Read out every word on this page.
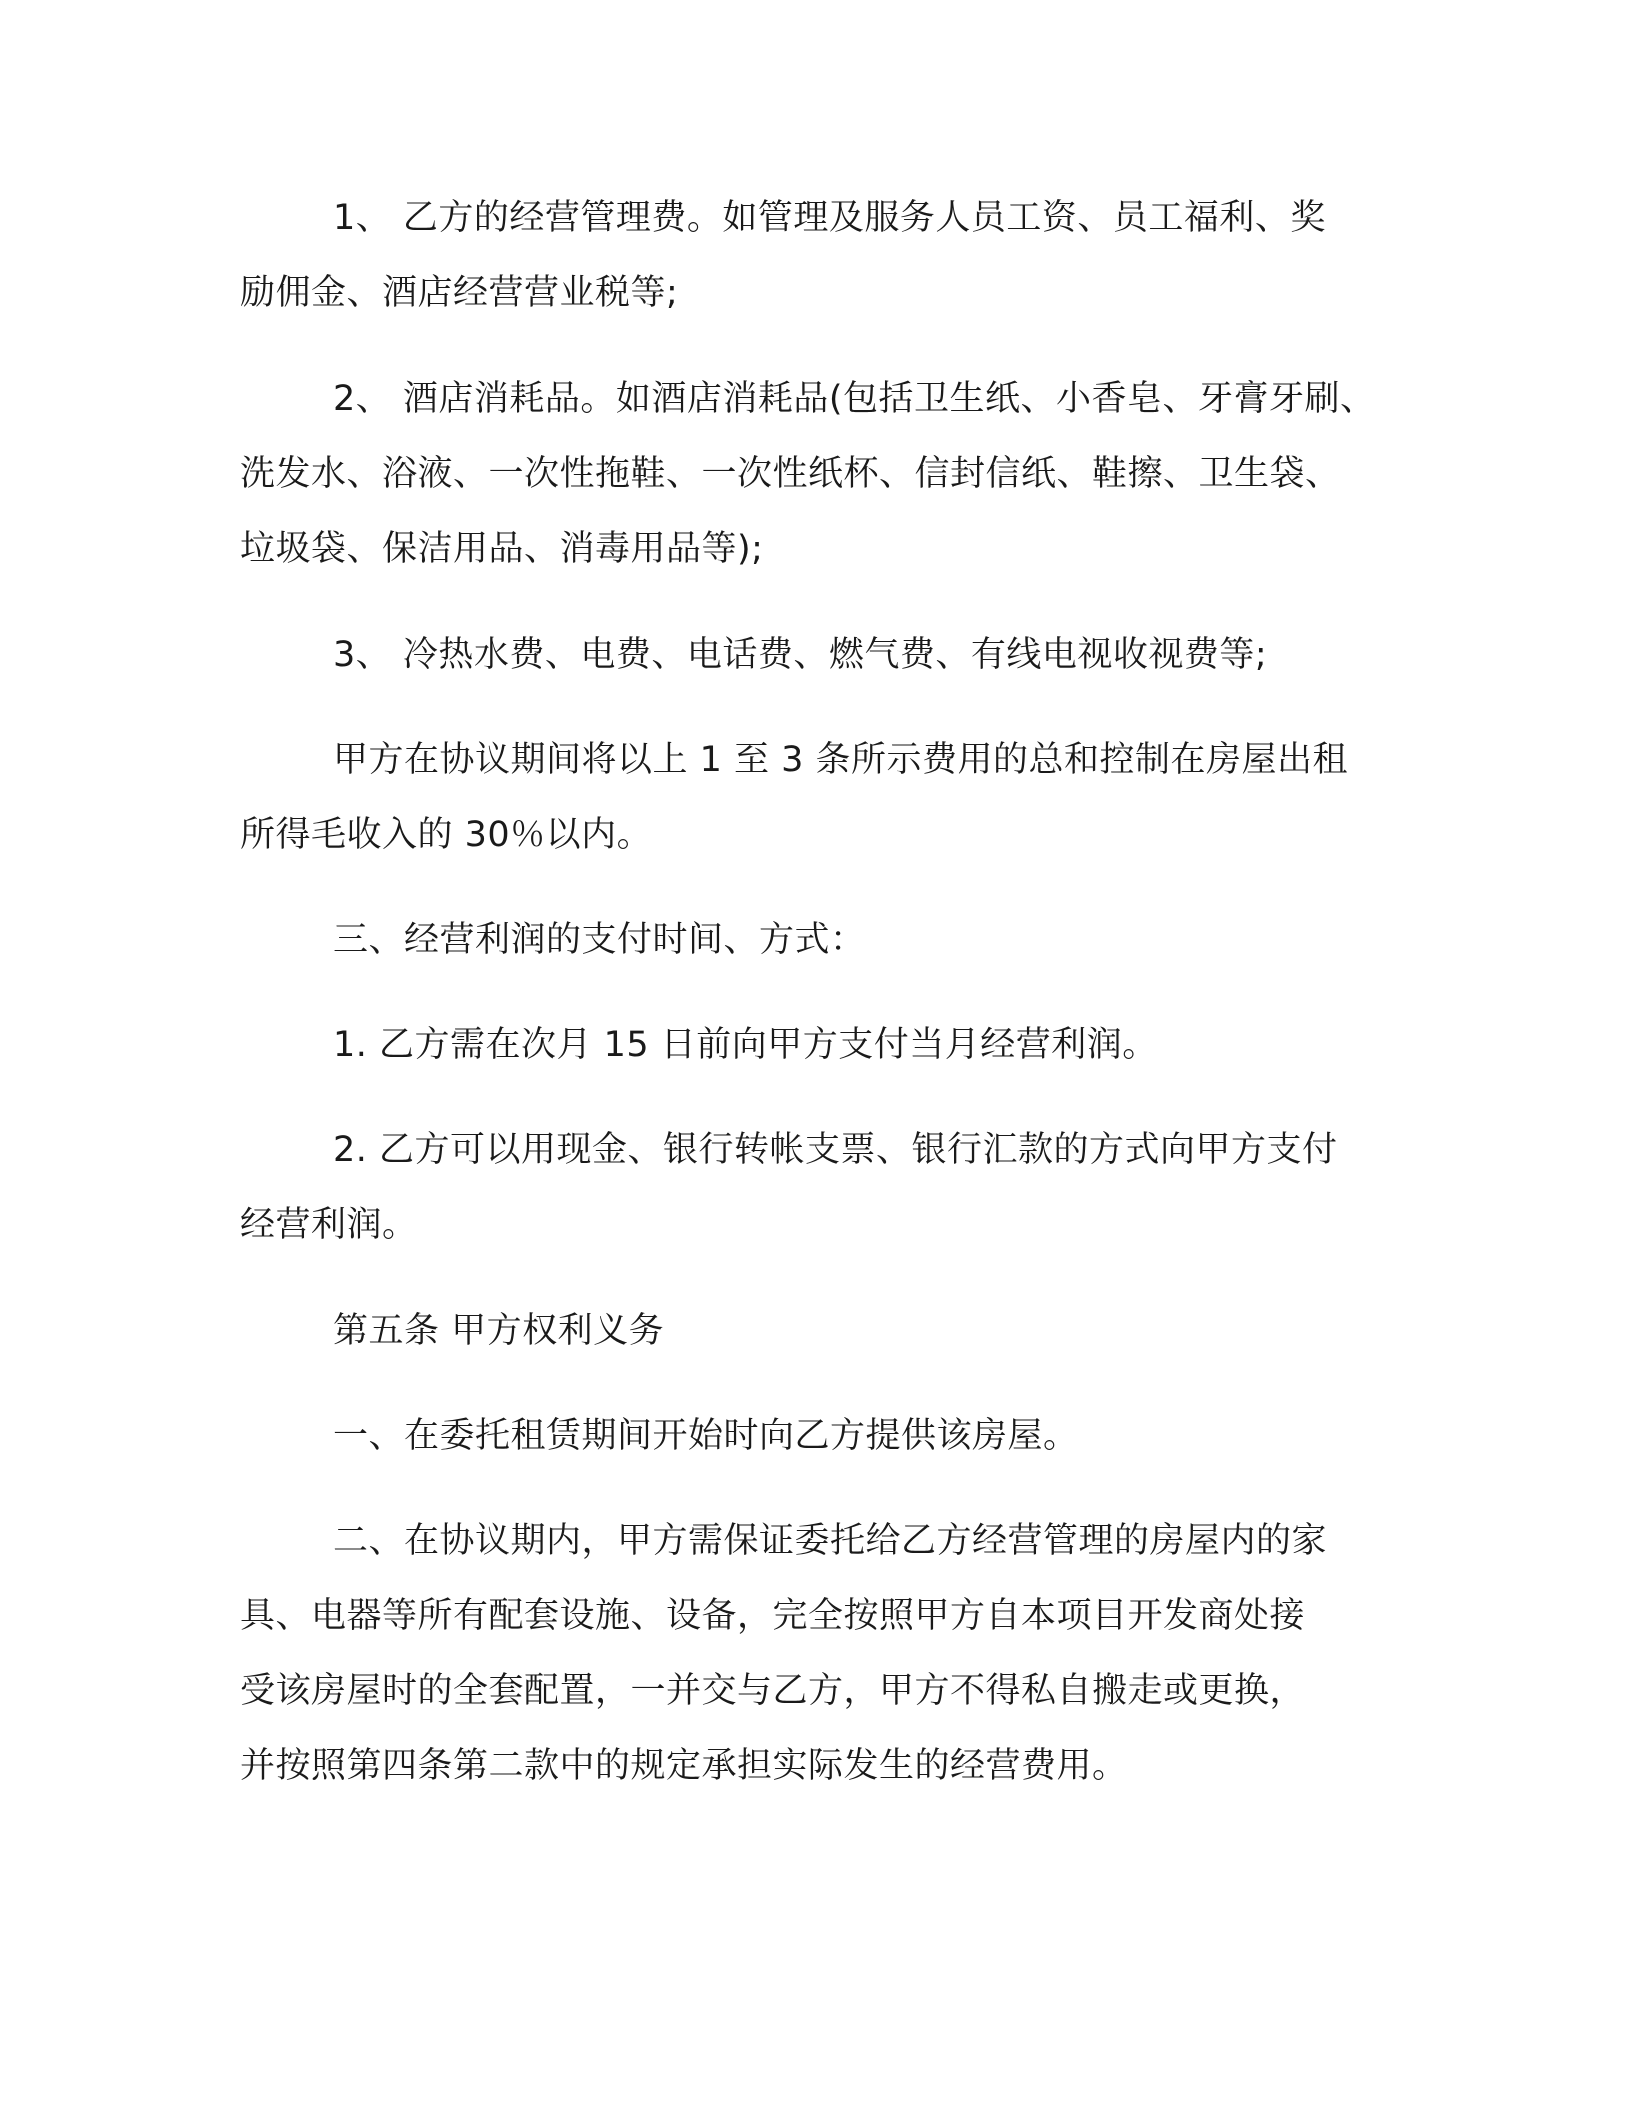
1、 乙方的经营管理费。如管理及服务人员工资、员工福利、奖

励佣金、酒店经营营业税等;

2、 酒店消耗品。如酒店消耗品(包括卫生纸、小香皂、牙膏牙刷、

洗发水、浴液、一次性拖鞋、一次性纸杯、信封信纸、鞋擦、卫生袋、

垃圾袋、保洁用品、消毒用品等);

3、 冷热水费、电费、电话费、燃气费、有线电视收视费等;

甲方在协议期间将以上 1 至 3 条所示费用的总和控制在房屋出租

所得毛收入的 30％以内。

三、经营利润的支付时间、方式：

1. 乙方需在次月 15 日前向甲方支付当月经营利润。

2. 乙方可以用现金、银行转帐支票、银行汇款的方式向甲方支付

经营利润。

第五条 甲方权利义务

一、在委托租赁期间开始时向乙方提供该房屋。

二、在协议期内，甲方需保证委托给乙方经营管理的房屋内的家

具、电器等所有配套设施、设备，完全按照甲方自本项目开发商处接

受该房屋时的全套配置，一并交与乙方，甲方不得私自搬走或更换，

并按照第四条第二款中的规定承担实际发生的经营费用。
